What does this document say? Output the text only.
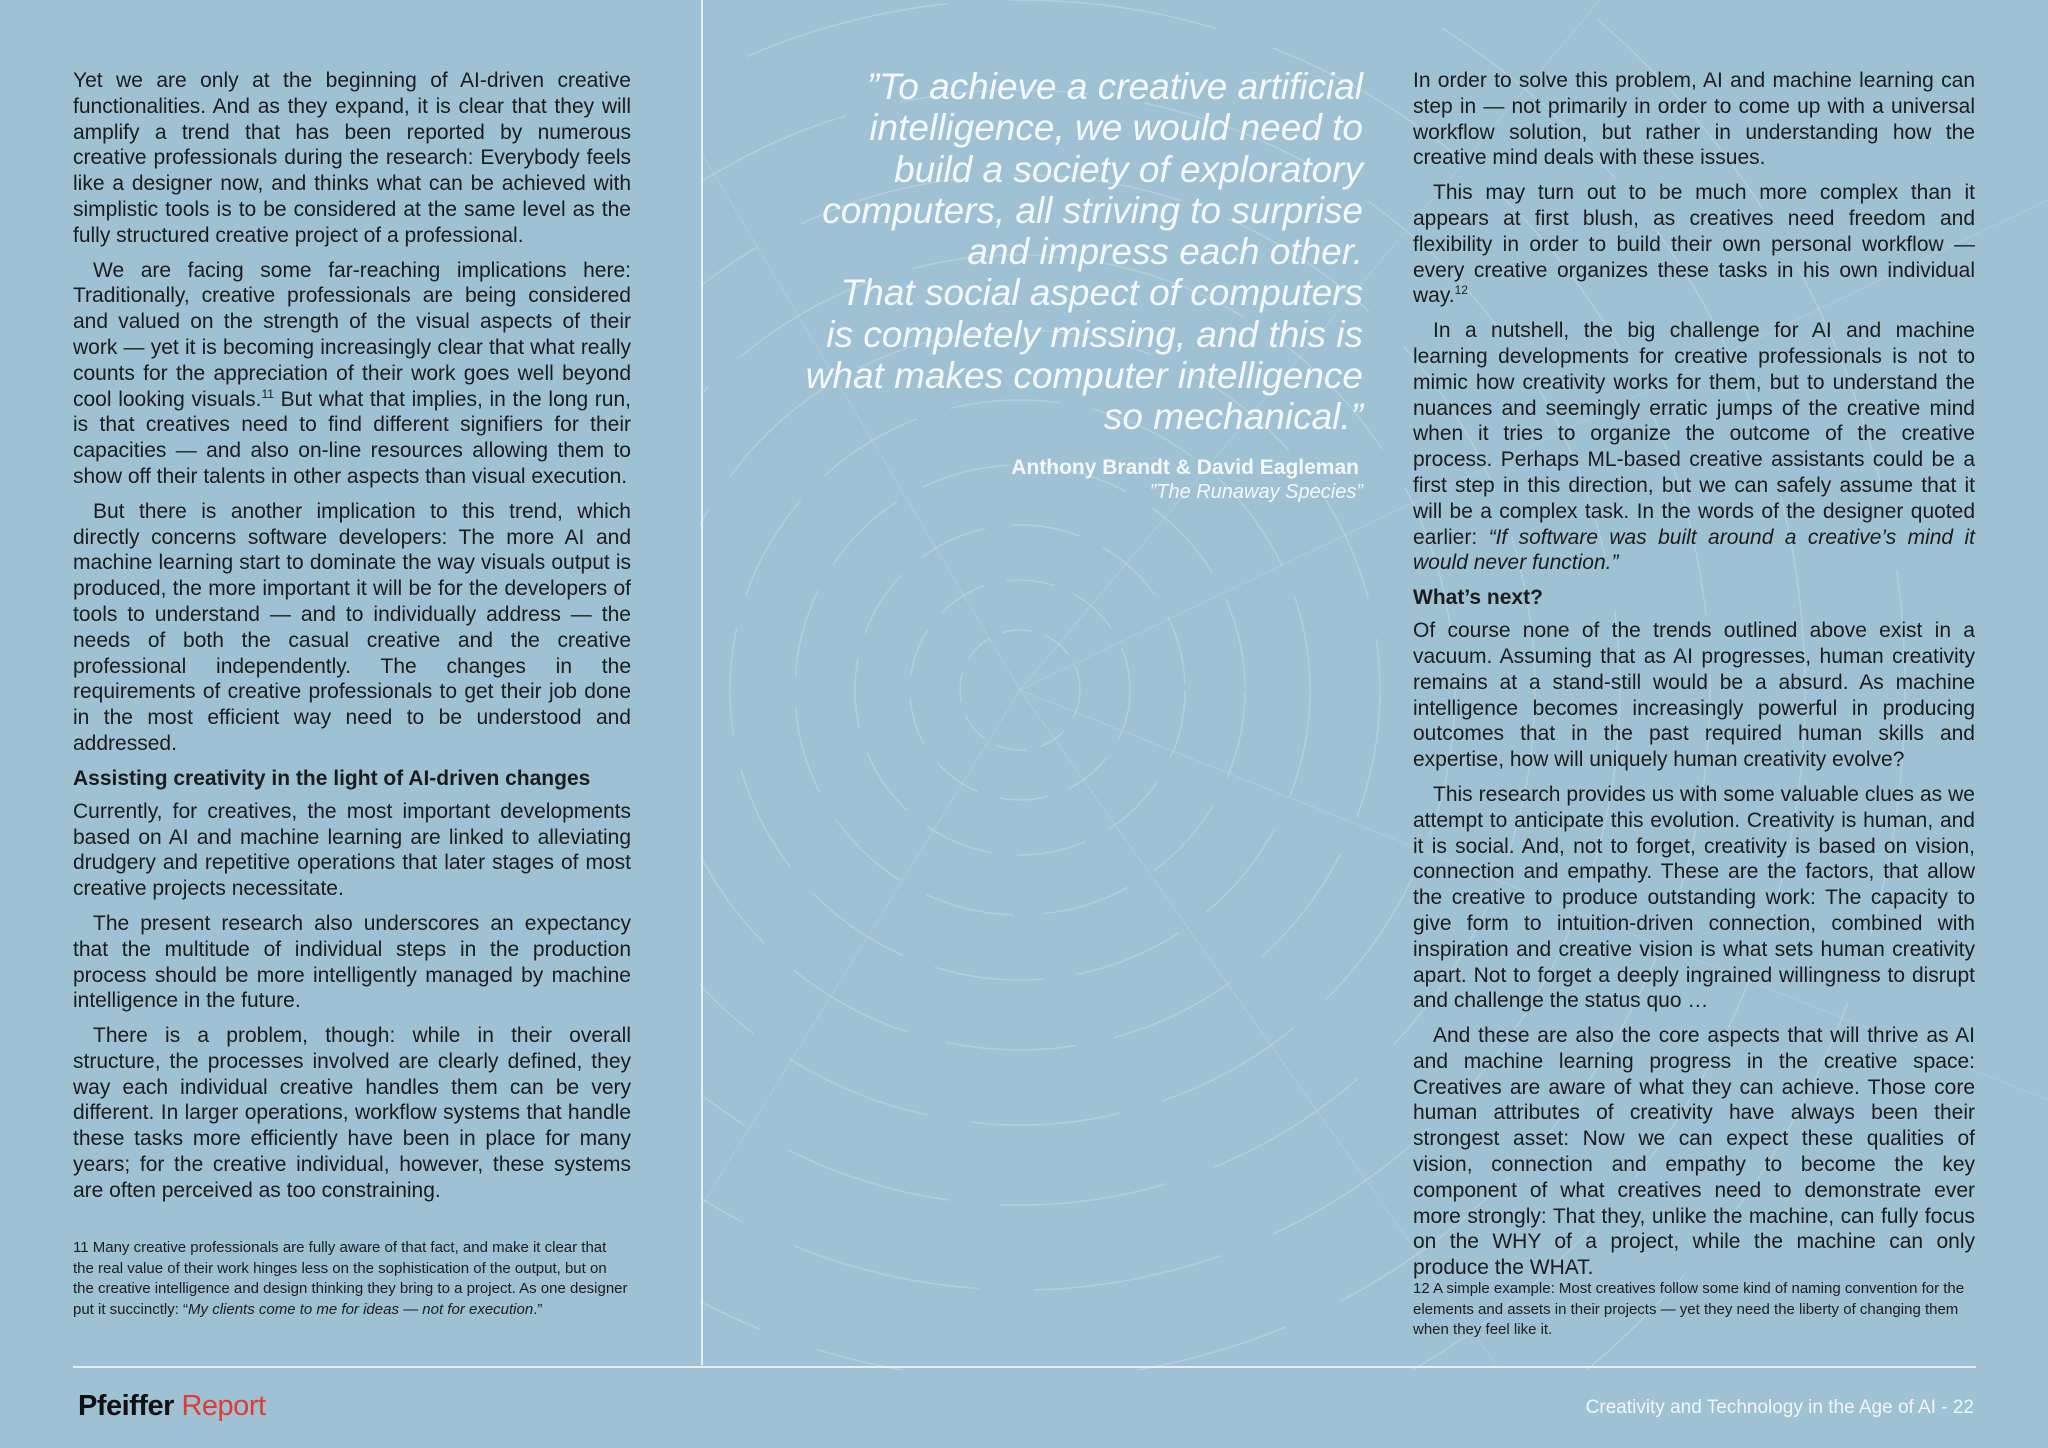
Yet we are only at the beginning of AI-driven creative functionalities. And as they expand, it is clear that they will amplify a trend that has been reported by numerous creative professionals during the research: Everybody feels like a designer now, and thinks what can be achieved with simplistic tools is to be considered at the same level as the fully structured creative project of a professional.

We are facing some far-reaching implications here: Traditionally, creative professionals are being considered and valued on the strength of the visual aspects of their work — yet it is becoming increasingly clear that what really counts for the appreciation of their work goes well beyond cool looking visuals.$^{11}$ But what that implies, in the long run, is that creatives need to find different signifiers for their capacities — and also on-line resources allowing them to show off their talents in other aspects than visual execution.

But there is another implication to this trend, which directly concerns software developers: The more AI and machine learning start to dominate the way visuals output is produced, the more important it will be for the developers of tools to understand — and to individually address — the needs of both the casual creative and the creative professional independently. The changes in the requirements of creative professionals to get their job done in the most efficient way need to be understood and addressed.

Assisting creativity in the light of AI-driven changes

Currently, for creatives, the most important developments based on AI and machine learning are linked to alleviating drudgery and repetitive operations that later stages of most creative projects necessitate.

The present research also underscores an expectancy that the multitude of individual steps in the production process should be more intelligently managed by machine intelligence in the future.

There is a problem, though: while in their overall structure, the processes involved are clearly defined, they way each individual creative handles them can be very different. In larger operations, workflow systems that handle these tasks more efficiently have been in place for many years; for the creative individual, however, these systems are often perceived as too constraining.

11 Many creative professionals are fully aware of that fact, and make it clear that the real value of their work hinges less on the sophistication of the output, but on the creative intelligence and design thinking they bring to a project. As one designer put it succinctly: “My clients come to me for ideas — not for execution.”

”To achieve a creative artificial
intelligence, we would need to
build a society of exploratory
computers, all striving to surprise
and impress each other.
That social aspect of computers
is completely missing, and this is
what makes computer intelligence
so mechanical.”

Anthony Brandt & David Eagleman
”The Runaway Species”

In order to solve this problem, AI and machine learning can step in — not primarily in order to come up with a universal workflow solution, but rather in understanding how the creative mind deals with these issues.

This may turn out to be much more complex than it appears at first blush, as creatives need freedom and flexibility in order to build their own personal workflow — every creative organizes these tasks in his own individual way.$^{12}$

In a nutshell, the big challenge for AI and machine learning developments for creative professionals is not to mimic how creativity works for them, but to understand the nuances and seemingly erratic jumps of the creative mind when it tries to organize the outcome of the creative process. Perhaps ML-based creative assistants could be a first step in this direction, but we can safely assume that it will be a complex task. In the words of the designer quoted earlier: “If software was built around a creative’s mind it would never function.”

What’s next?

Of course none of the trends outlined above exist in a vacuum. Assuming that as AI progresses, human creativity remains at a stand-still would be a absurd. As machine intelligence becomes increasingly powerful in producing outcomes that in the past required human skills and expertise, how will uniquely human creativity evolve?

This research provides us with some valuable clues as we attempt to anticipate this evolution. Creativity is human, and it is social. And, not to forget, creativity is based on vision, connection and empathy. These are the factors, that allow the creative to produce outstanding work: The capacity to give form to intuition-driven connection, combined with inspiration and creative vision is what sets human creativity apart. Not to forget a deeply ingrained willingness to disrupt and challenge the status quo …

And these are also the core aspects that will thrive as AI and machine learning progress in the creative space: Creatives are aware of what they can achieve. Those core human attributes of creativity have always been their strongest asset: Now we can expect these qualities of vision, connection and empathy to become the key component of what creatives need to demonstrate ever more strongly: That they, unlike the machine, can fully focus on the WHY of a project, while the machine can only produce the WHAT.

12 A simple example: Most creatives follow some kind of naming convention for the elements and assets in their projects — yet they need the liberty of changing them when they feel like it.
Pfeiffer Report	Creativity and Technology in the Age of AI - 22
